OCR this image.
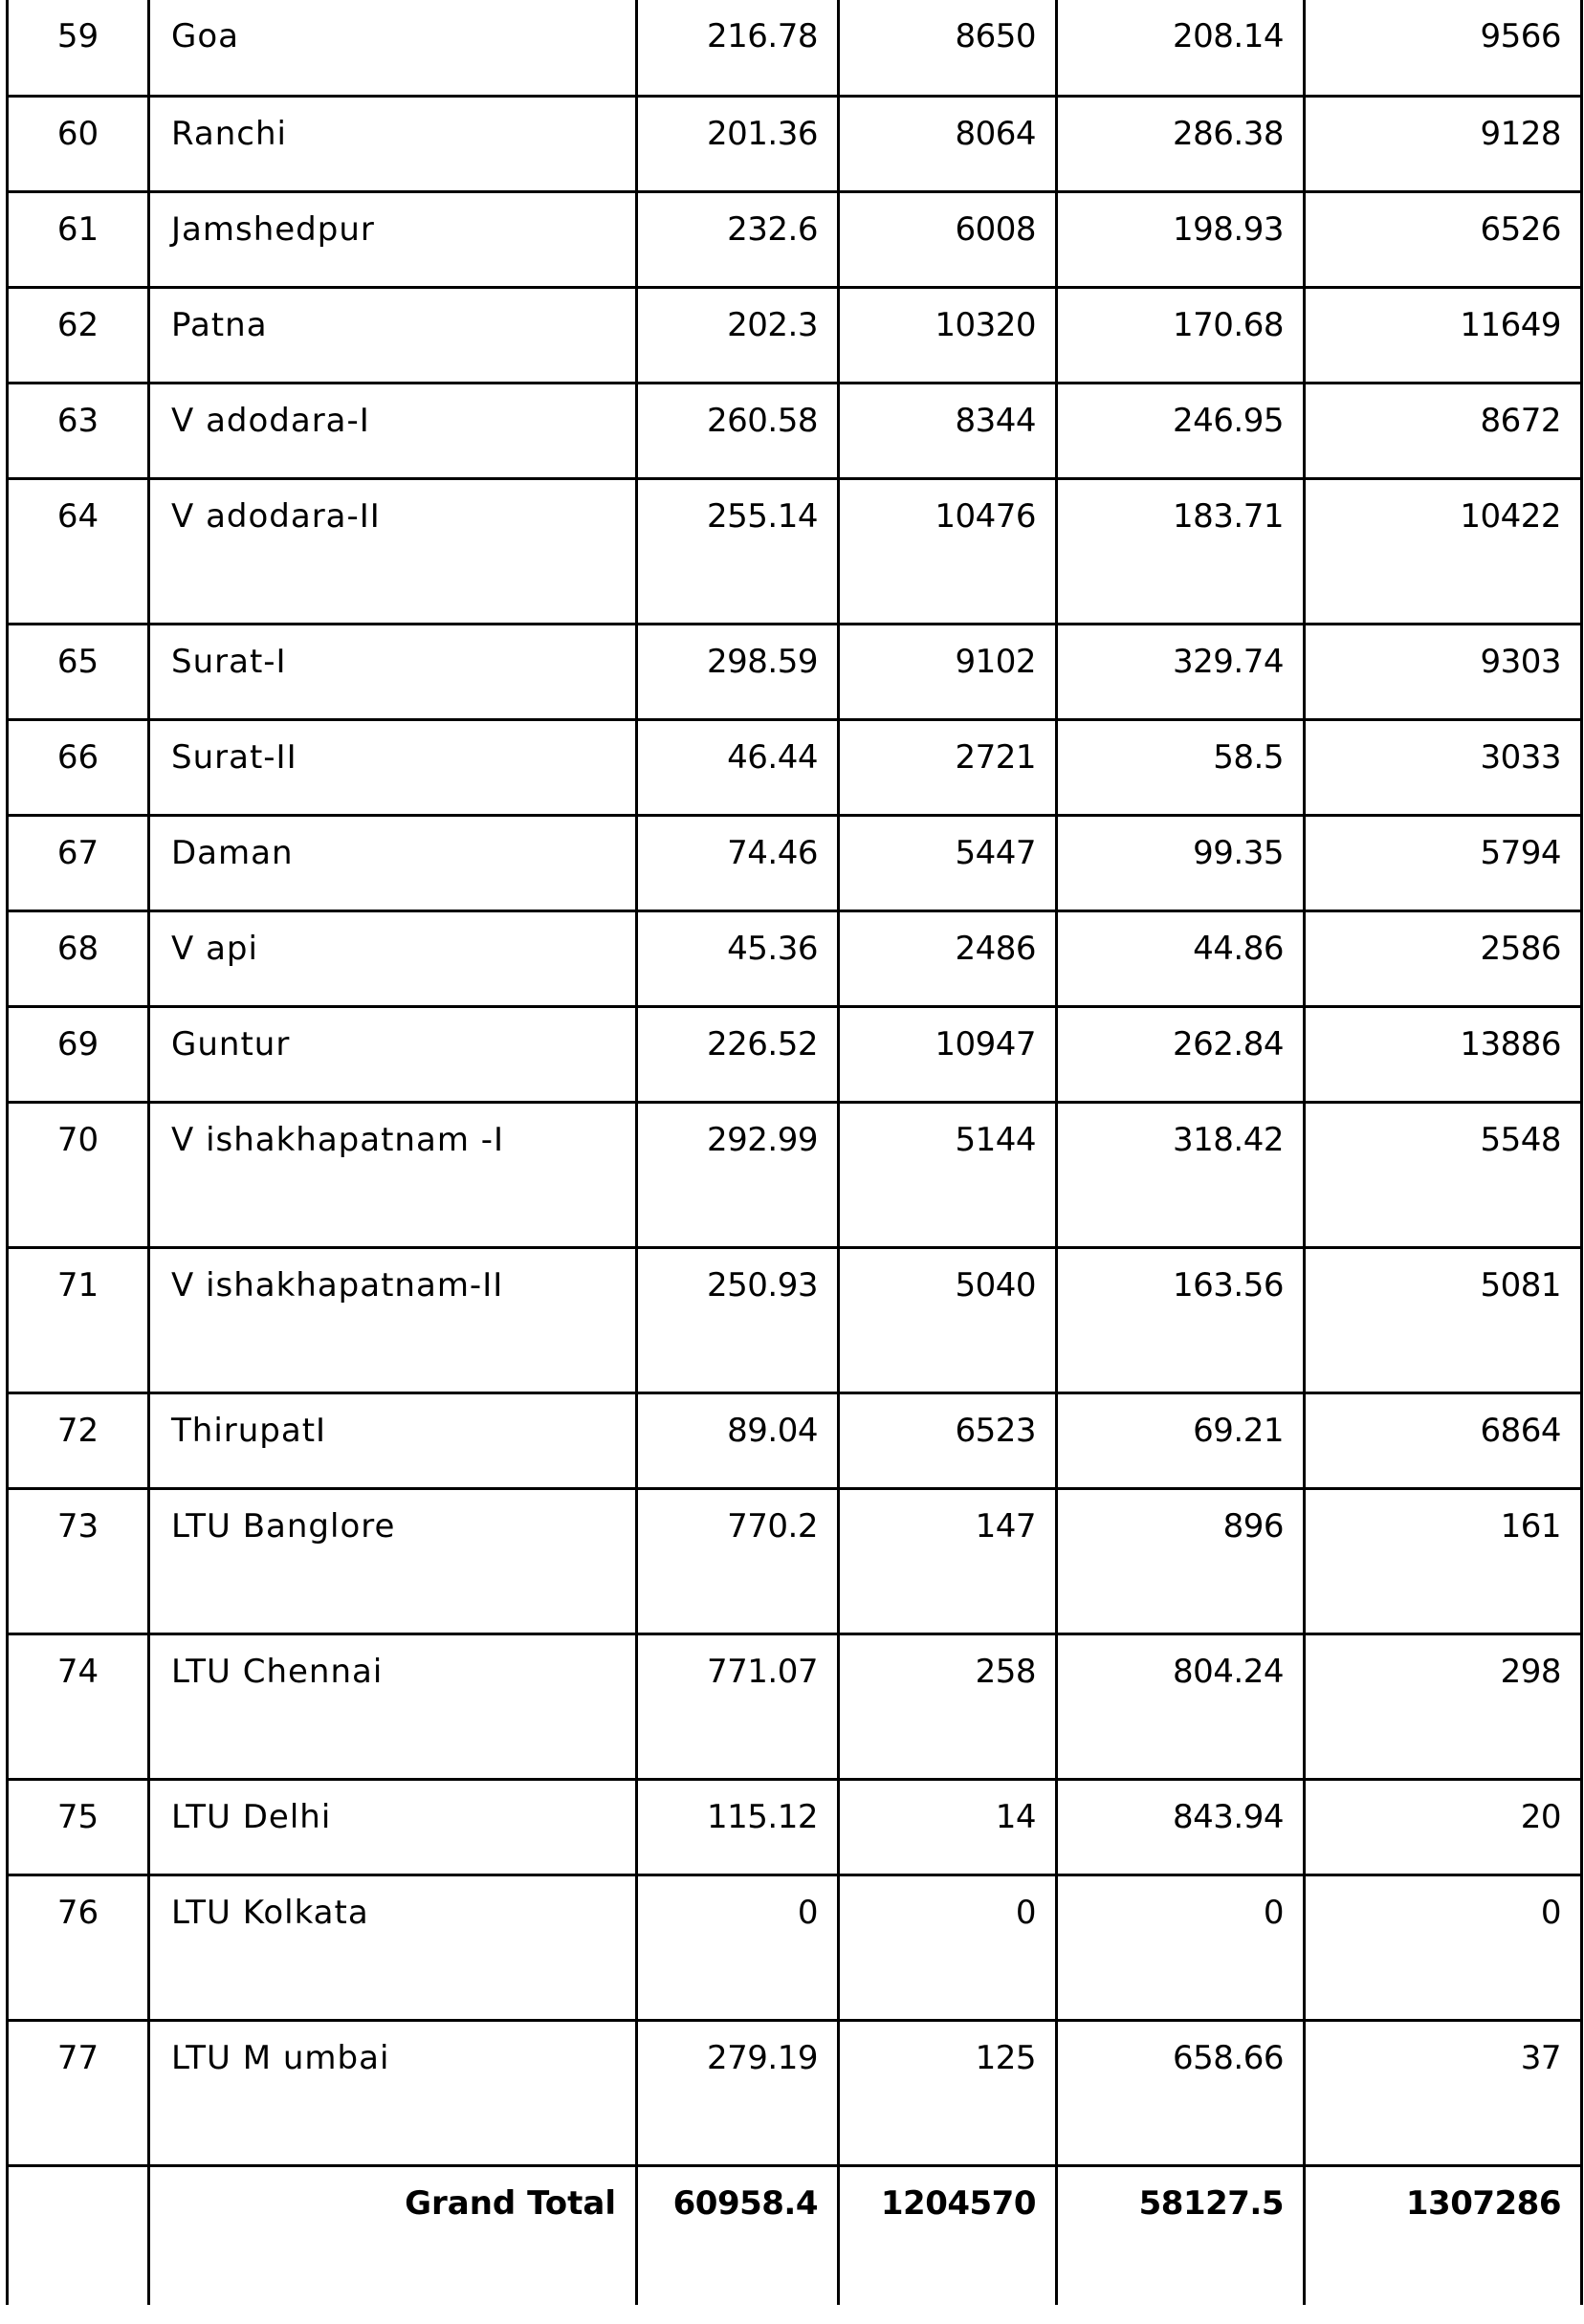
59	Goa	216.78	8650	208.14	9566
60	Ranchi	201.36	8064	286.38	9128
61	Jamshedpur	232.6	6008	198.93	6526
62	Patna	202.3	10320	170.68	11649
63	V adodara-I	260.58	8344	246.95	8672
64	V adodara-II	255.14	10476	183.71	10422
65	Surat-I	298.59	9102	329.74	9303
66	Surat-II	46.44	2721	58.5	3033
67	Daman	74.46	5447	99.35	5794
68	V api	45.36	2486	44.86	2586
69	Guntur	226.52	10947	262.84	13886
70	V ishakhapatnam -I	292.99	5144	318.42	5548
71	V ishakhapatnam-II	250.93	5040	163.56	5081
72	ThirupatI	89.04	6523	69.21	6864
73	LTU Banglore	770.2	147	896	161
74	LTU Chennai	771.07	258	804.24	298
75	LTU Delhi	115.12	14	843.94	20
76	LTU Kolkata	0	0	0	0
77	LTU M umbai	279.19	125	658.66	37
	Grand Total	60958.4	1204570	58127.5	1307286
